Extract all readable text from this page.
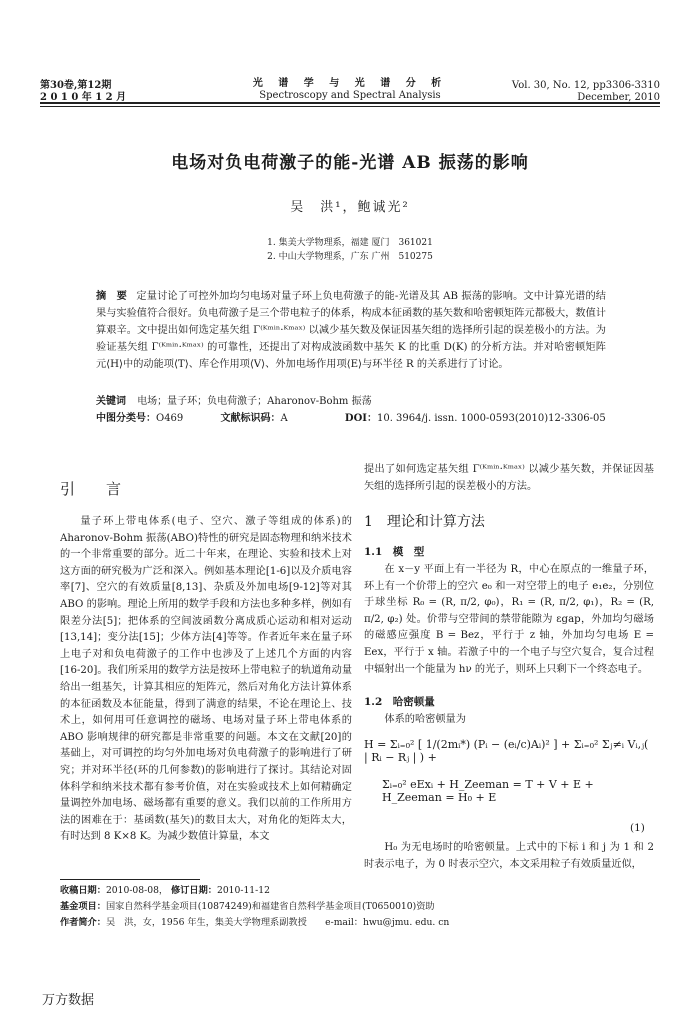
第30卷,第12期
2 0 1 0 年 1 2 月
光 谱 学 与 光 谱 分 析
Spectroscopy and Spectral Analysis
Vol. 30, No. 12, pp3306-3310
December, 2010
电场对负电荷激子的能-光谱 AB 振荡的影响
吴　洪¹，鲍诚光²
1. 集美大学物理系，福建 厦门　361021
2. 中山大学物理系，广东 广州　510275
摘　要 定量讨论了可控外加均匀电场对量子环上负电荷激子的能-光谱及其 AB 振荡的影响。文中计算光谱的结果与实验值符合很好。负电荷激子是三个带电粒子的体系，构成本征函数的基矢数和哈密顿矩阵元都极大，数值计算艰辛。文中提出如何选定基矢组 Γ⁽ᴷᵐⁱⁿ·ᴷᵐᵃˣ⁾ 以减少基矢数及保证因基矢组的选择所引起的误差极小的方法。为验证基矢组 Γ⁽ᴷᵐⁱⁿ·ᴷᵐᵃˣ⁾ 的可靠性，还提出了对构成波函数中基矢 K 的比重 D(K) 的分析方法。并对哈密顿矩阵元⟨H⟩中的动能项⟨T⟩、库仑作用项⟨V⟩、外加电场作用项⟨E⟩与环半径 R 的关系进行了讨论。
关键词 电场；量子环；负电荷激子；Aharonov-Bohm 振荡
中图分类号：O469	文献标识码：A	DOI：10. 3964/j. issn. 1000-0593(2010)12-3306-05
引　言
量子环上带电体系(电子、空穴、激子等组成的体系)的 Aharonov-Bohm 振荡(ABO)特性的研究是固态物理和纳米技术的一个非常重要的部分。近二十年来，在理论、实验和技术上对这方面的研究极为广泛和深入。例如基本理论[1-6]以及介质电容率[7]、空穴的有效质量[8,13]、杂质及外加电场[9-12]等对其 ABO 的影响。理论上所用的数学手段和方法也多种多样，例如有限差分法[5]；把体系的空间波函数分离成质心运动和相对运动[13,14]；变分法[15]；少体方法[4]等等。作者近年来在量子环上电子对和负电荷激子的工作中也涉及了上述几个方面的内容[16-20]。我们所采用的数学方法是按环上带电粒子的轨道角动量给出一组基矢，计算其相应的矩阵元，然后对角化方法计算体系的本征函数及本征能量，得到了满意的结果，不论在理论上、技术上，如何用可任意调控的磁场、电场对量子环上带电体系的 ABO 影响规律的研究都是非常重要的问题。本文在文献[20]的基础上，对可调控的均匀外加电场对负电荷激子的影响进行了研究；并对环半径(环的几何参数)的影响进行了探讨。其结论对固体科学和纳米技术都有参考价值，对在实验或技术上如何精确定量调控外加电场、磁场都有重要的意义。我们以前的工作所用方法的困难在于：基函数(基矢)的数目太大，对角化的矩阵太大，有时达到 8 K×8 K。为减少数值计算量，本文
提出了如何选定基矢组 Γ⁽ᴷᵐⁱⁿ·ᴷᵐᵃˣ⁾ 以减少基矢数，并保证因基矢组的选择所引起的误差极小的方法。
1　理论和计算方法
1.1　模　型
在 x－y 平面上有一半径为 R，中心在原点的一维量子环，环上有一个价带上的空穴 e₀ 和一对空带上的电子 e₁e₂，分别位于球坐标 R₀ = (R, π/2, φ₀)，R₁ = (R, π/2, φ₁)，R₂ = (R, π/2, φ₂) 处。价带与空带间的禁带能隙为 εgap，外加均匀磁场的磁感应强度 B = Bez，平行于 z 轴，外加均匀电场 E = Eex，平行于 x 轴。若激子中的一个电子与空穴复合，复合过程中辐射出一个能量为 hν 的光子，则环上只剩下一个终态电子。
1.2　哈密顿量
体系的哈密顿量为
H = Σᵢ₌₀² [ 1/(2mᵢ*) (Pᵢ − (eᵢ/c)Aᵢ)² ] + Σᵢ₌₀² Σⱼ≠ᵢ Vᵢ,ⱼ( | Rᵢ − Rⱼ | ) +
Σᵢ₌₀² eExᵢ + H_Zeeman = T + V + E + H_Zeeman = H₀ + E
(1)
H₀ 为无电场时的哈密顿量。上式中的下标 i 和 j 为 1 和 2 时表示电子，为 0 时表示空穴，本文采用粒子有效质量近似，
收稿日期：2010-08-08， 修订日期：2010-11-12
基金项目：国家自然科学基金项目(10874249)和福建省自然科学基金项目(T0650010)资助
作者简介：吴　洪，女，1956 年生，集美大学物理系副教授　　e-mail：hwu@jmu. edu. cn
万方数据
